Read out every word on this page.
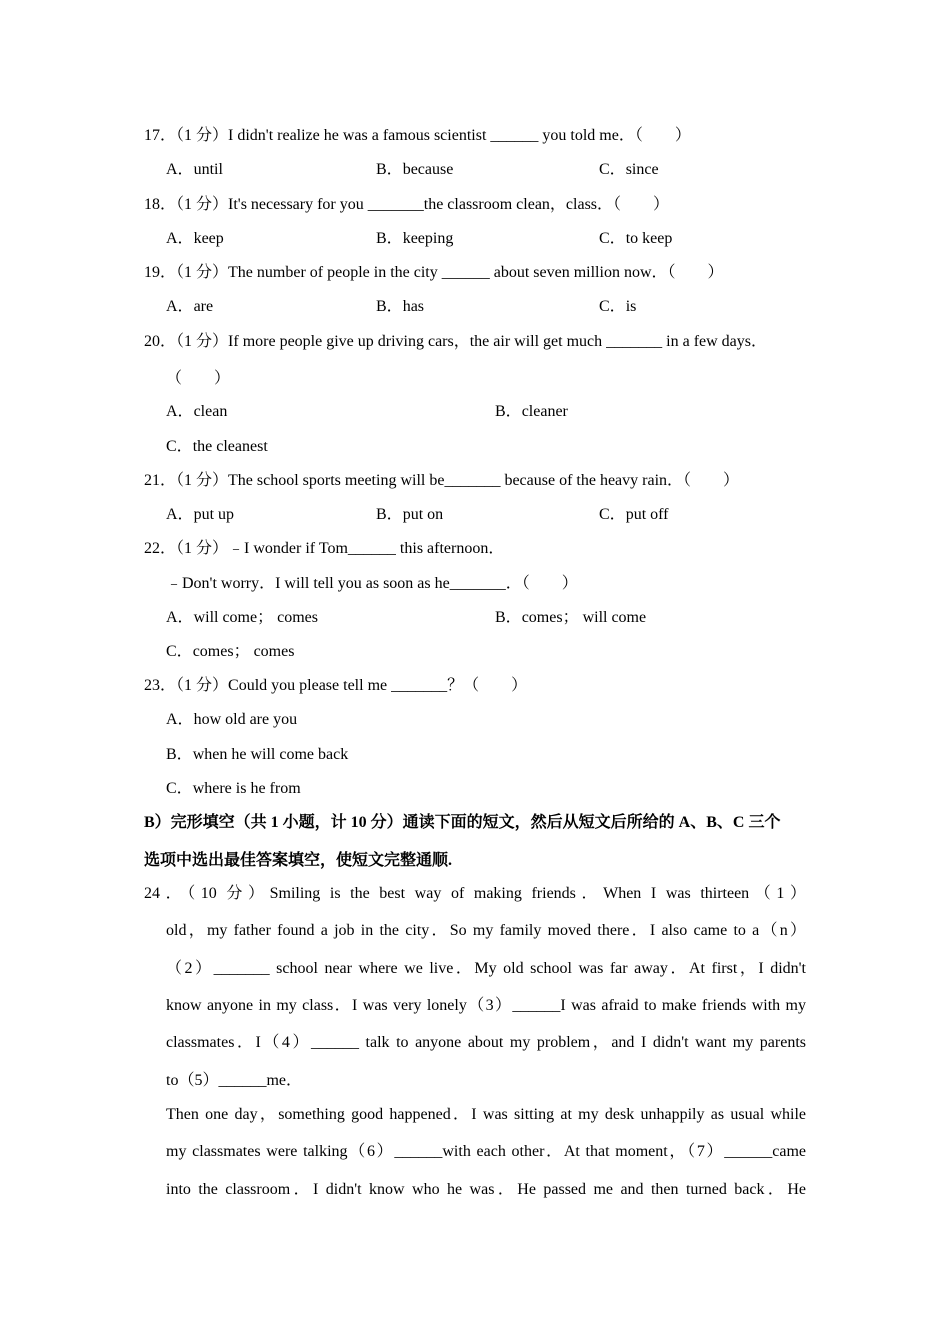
17．（1 分）I didn't realize he was a famous scientist ______ you told me．（　　）
A．until	B．because	C．since
18．（1 分）It's necessary for you _______the classroom clean，class．（　　）
A．keep	B．keeping	C．to keep
19．（1 分）The number of people in the city ______ about seven million now．（　　）
A．are	B．has	C．is
20．（1 分）If more people give up driving cars，the air will get much _______ in a few days．
（　　）
A．clean	B．cleaner
C．the cleanest
21．（1 分）The school sports meeting will be_______ because of the heavy rain．（　　）
A．put up	B．put on	C．put off
22．（1 分）﹣I wonder if Tom______ this afternoon．
﹣Don't worry．I will tell you as soon as he_______．（　　）
A．will come； comes	B．comes； will come
C．comes； comes
23．（1 分）Could you please tell me _______？（　　）
A．how old are you
B．when he will come back
C．where is he from
B）完形填空（共 1 小题，计 10 分）通读下面的短文，然后从短文后所给的 A、B、C 三个
选项中选出最佳答案填空，使短文完整通顺.
24．（10 分）Smiling is the best way of making friends．When I was thirteen（1）
old，my father found a job in the city．So my family moved there．I also came to a（n）
（2）_______ school near where we live．My old school was far away．At first，I didn't
know anyone in my class．I was very lonely（3）______I was afraid to make friends with my
classmates．I（4）______ talk to anyone about my problem，and I didn't want my parents
to（5）______me．
Then one day，something good happened．I was sitting at my desk unhappily as usual while
my classmates were talking（6）______with each other．At that moment，（7）______came
into the classroom．I didn't know who he was．He passed me and then turned back．He
